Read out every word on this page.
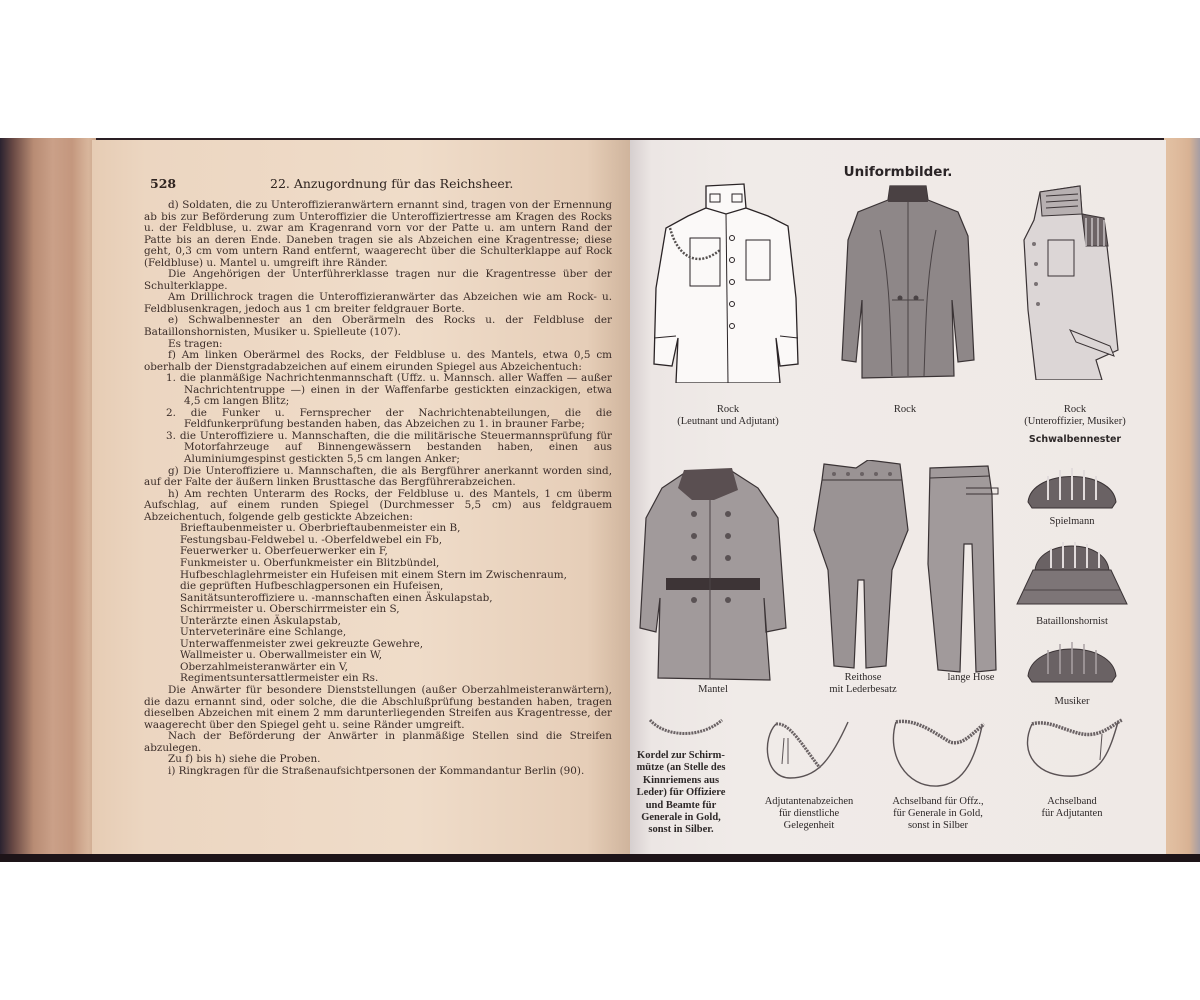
528	22. Anzugordnung für das Reichsheer.

d) Soldaten, die zu Unteroffizieranwärtern ernannt sind, tragen von der Ernennung ab bis zur Beförderung zum Unteroffizier die Unteroffiziertresse am Kragen des Rocks u. der Feldbluse, u. zwar am Kragenrand vorn vor der Patte u. am untern Rand der Patte bis an deren Ende. Daneben tragen sie als Abzeichen eine Kragentresse; diese geht, 0,3 cm vom untern Rand entfernt, waagerecht über die Schulterklappe auf Rock (Feldbluse) u. Mantel u. umgreift ihre Ränder.

Die Angehörigen der Unterführerklasse tragen nur die Kragentresse über der Schulterklappe.

Am Drillichrock tragen die Unteroffizieranwärter das Abzeichen wie am Rock- u. Feldblusenkragen, jedoch aus 1 cm breiter feldgrauer Borte.

e) Schwalbennester an den Oberärmeln des Rocks u. der Feldbluse der Bataillonshornisten, Musiker u. Spielleute (107).

Es tragen:

f) Am linken Oberärmel des Rocks, der Feldbluse u. des Mantels, etwa 0,5 cm oberhalb der Dienstgradabzeichen auf einem eirunden Spiegel aus Abzeichentuch:

1. die planmäßige Nachrichtenmannschaft (Uffz. u. Mannsch. aller Waffen — außer Nachrichtentruppe —) einen in der Waffenfarbe gestickten einzackigen, etwa 4,5 cm langen Blitz;

2. die Funker u. Fernsprecher der Nachrichtenabteilungen, die die Feldfunkerprüfung bestanden haben, das Abzeichen zu 1. in brauner Farbe;

3. die Unteroffiziere u. Mannschaften, die die militärische Steuermannsprüfung für Motorfahrzeuge auf Binnengewässern bestanden haben, einen aus Aluminiumgespinst gestickten 5,5 cm langen Anker;

g) Die Unteroffiziere u. Mannschaften, die als Bergführer anerkannt worden sind, auf der Falte der äußern linken Brusttasche das Bergführerabzeichen.

h) Am rechten Unterarm des Rocks, der Feldbluse u. des Mantels, 1 cm überm Aufschlag, auf einem runden Spiegel (Durchmesser 5,5 cm) aus feldgrauem Abzeichentuch, folgende gelb gestickte Abzeichen:

Brieftaubenmeister u. Oberbrieftaubenmeister ein B,

Festungsbau-Feldwebel u. -Oberfeldwebel ein Fb,

Feuerwerker u. Oberfeuerwerker ein F,

Funkmeister u. Oberfunkmeister ein Blitzbündel,

Hufbeschlaglehrmeister ein Hufeisen mit einem Stern im Zwischenraum,

die geprüften Hufbeschlagpersonen ein Hufeisen,

Sanitätsunteroffiziere u. -mannschaften einen Äskulapstab,

Schirrmeister u. Oberschirrmeister ein S,

Unterärzte einen Äskulapstab,

Unterveterinäre eine Schlange,

Unterwaffenmeister zwei gekreuzte Gewehre,

Wallmeister u. Oberwallmeister ein W,

Oberzahlmeisteranwärter ein V,

Regimentsuntersattlermeister ein Rs.

Die Anwärter für besondere Dienststellungen (außer Oberzahlmeisteranwärtern), die dazu ernannt sind, oder solche, die die Abschlußprüfung bestanden haben, tragen dieselben Abzeichen mit einem 2 mm darunterliegenden Streifen aus Kragentresse, der waagerecht über den Spiegel geht u. seine Ränder umgreift.

Nach der Beförderung der Anwärter in planmäßige Stellen sind die Streifen abzulegen.

Zu f) bis h) siehe die Proben.

i) Ringkragen für die Straßenaufsichtpersonen der Kommandantur Berlin (90).

Uniformbilder.
Rock
(Leutnant und Adjutant)
Rock	Rock
(Unteroffizier, Musiker)
Schwalbennester
Mantel
Reithose
mit Lederbesatz
lange Hose
Spielmann
Bataillonshornist
Musiker
Kordel zur Schirm-
mütze (an Stelle des
Kinnriemens aus
Leder) für Offiziere
und Beamte für
Generale in Gold,
sonst in Silber.
Adjutantenabzeichen
für dienstliche
Gelegenheit
Achselband für Offz.,
für Generale in Gold,
sonst in Silber
Achselband
für Adjutanten
